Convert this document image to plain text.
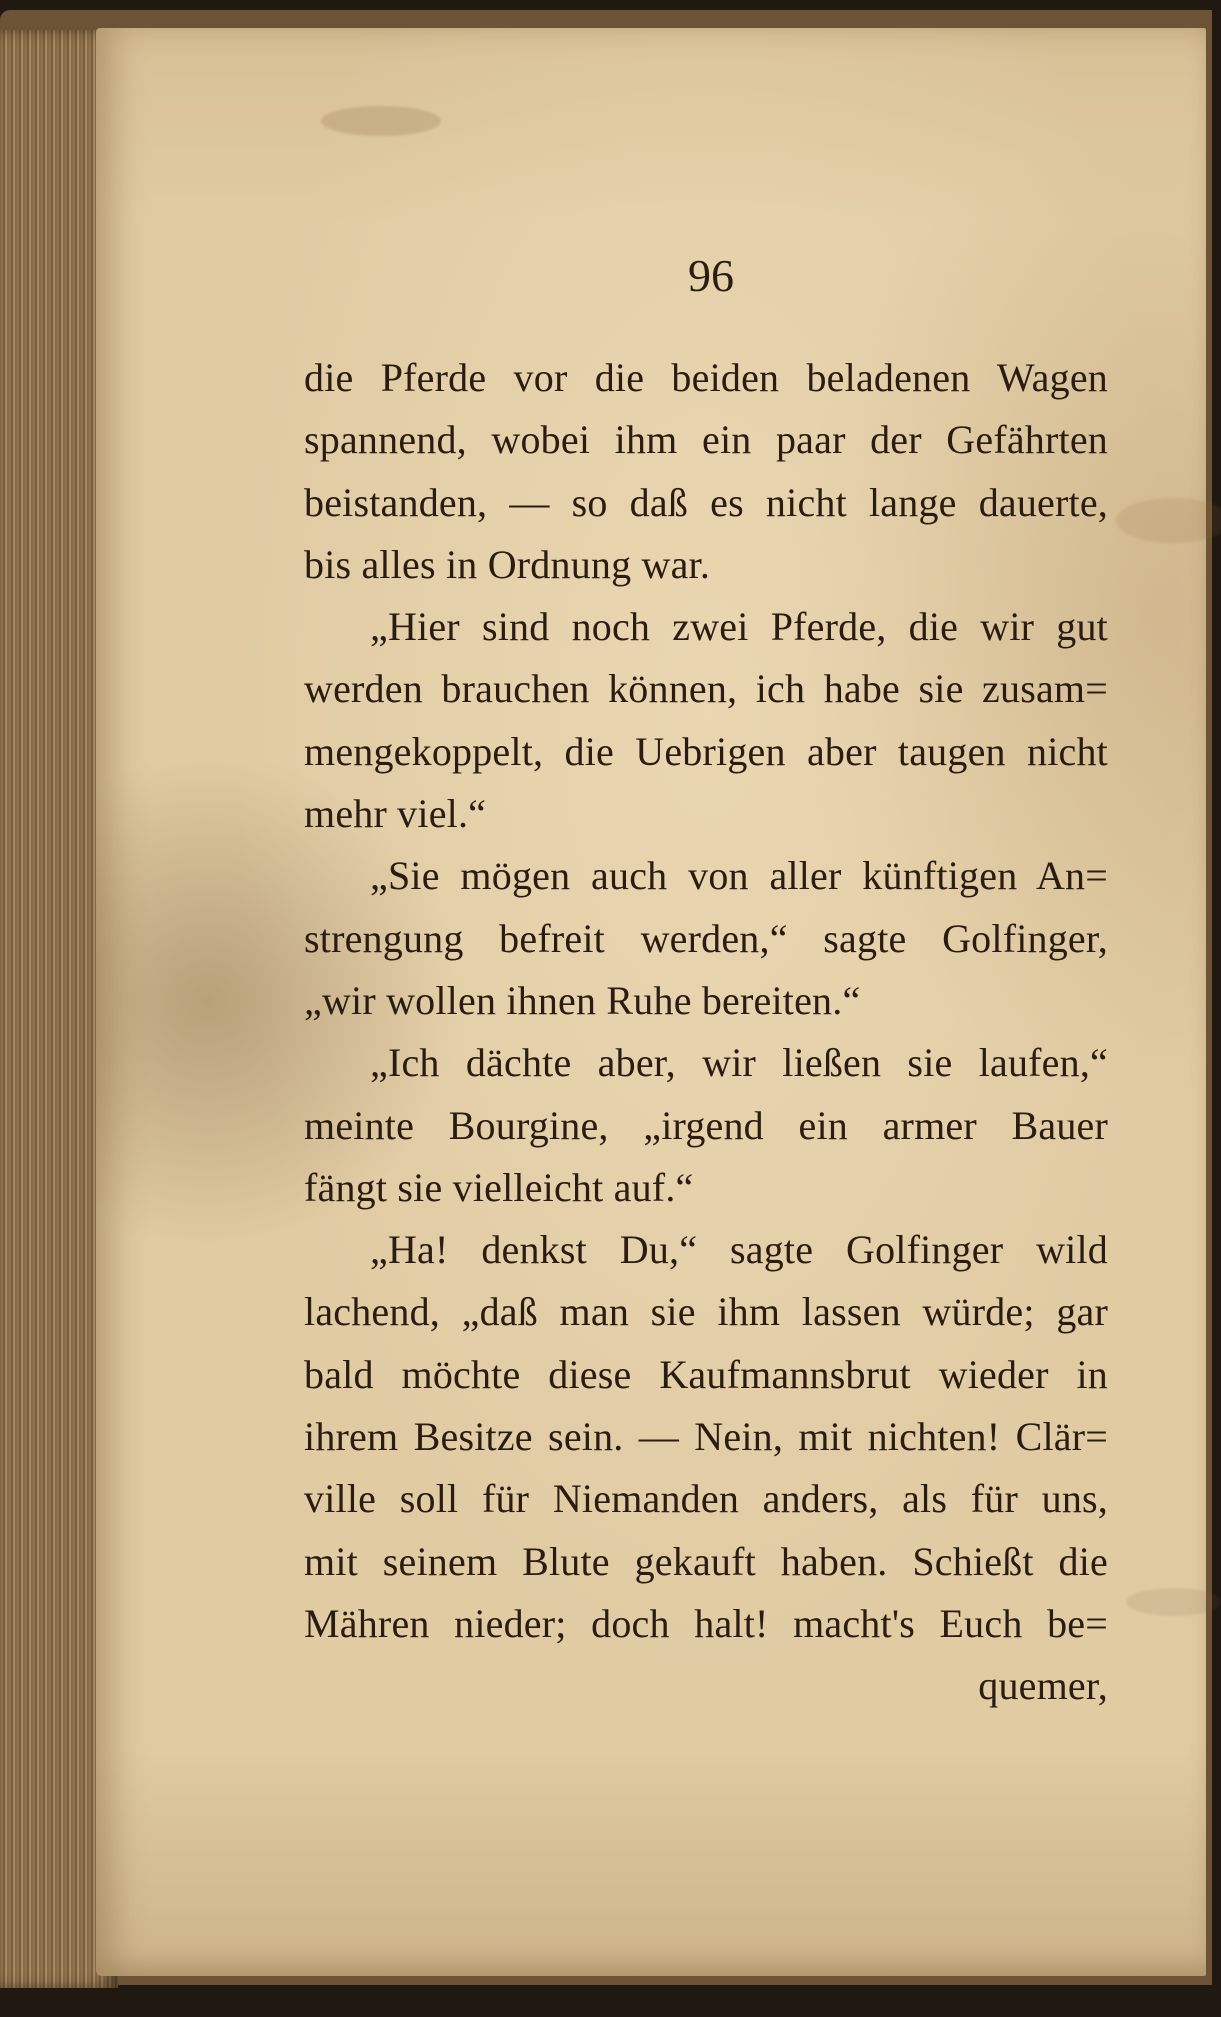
96

die Pferde vor die beiden beladenen Wagen

spannend, wobei ihm ein paar der Gefährten

beistanden, — so daß es nicht lange dauerte,

bis alles in Ordnung war.

„Hier sind noch zwei Pferde, die wir gut

werden brauchen können, ich habe sie zusam=

mengekoppelt, die Uebrigen aber taugen nicht

mehr viel.“

„Sie mögen auch von aller künftigen An=

strengung befreit werden,“ sagte Golfinger,

„wir wollen ihnen Ruhe bereiten.“

„Ich dächte aber, wir ließen sie laufen,“

meinte Bourgine, „irgend ein armer Bauer

fängt sie vielleicht auf.“

„Ha! denkst Du,“ sagte Golfinger wild

lachend, „daß man sie ihm lassen würde; gar

bald möchte diese Kaufmannsbrut wieder in

ihrem Besitze sein. — Nein, mit nichten! Clär=

ville soll für Niemanden anders, als für uns,

mit seinem Blute gekauft haben. Schießt die

Mähren nieder; doch halt! macht's Euch be=

quemer,
